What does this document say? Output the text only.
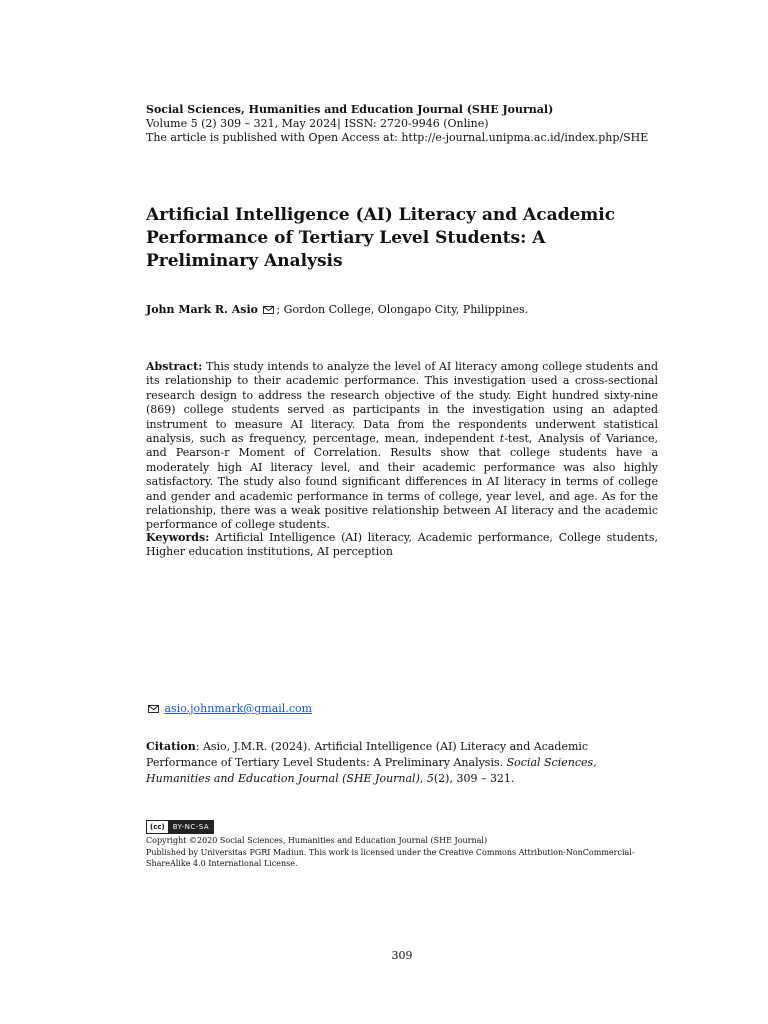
Social Sciences, Humanities and Education Journal (SHE Journal)
Volume 5 (2) 309 – 321, May 2024| ISSN: 2720-9946 (Online)
The article is published with Open Access at: http://e-journal.unipma.ac.id/index.php/SHE
Artificial Intelligence (AI) Literacy and Academic Performance of Tertiary Level Students: A Preliminary Analysis
John Mark R. Asio ; Gordon College, Olongapo City, Philippines.
Abstract: This study intends to analyze the level of AI literacy among college students and its relationship to their academic performance. This investigation used a cross-sectional research design to address the research objective of the study. Eight hundred sixty-nine (869) college students served as participants in the investigation using an adapted instrument to measure AI literacy. Data from the respondents underwent statistical analysis, such as frequency, percentage, mean, independent t-test, Analysis of Variance, and Pearson-r Moment of Correlation. Results show that college students have a moderately high AI literacy level, and their academic performance was also highly satisfactory. The study also found significant differences in AI literacy in terms of college and gender and academic performance in terms of college, year level, and age. As for the relationship, there was a weak positive relationship between AI literacy and the academic performance of college students.
Keywords: Artificial Intelligence (AI) literacy, Academic performance, College students, Higher education institutions, AI perception
asio.johnmark@gmail.com
Citation: Asio, J.M.R. (2024). Artificial Intelligence (AI) Literacy and Academic Performance of Tertiary Level Students: A Preliminary Analysis. Social Sciences, Humanities and Education Journal (SHE Journal), 5(2), 309 – 321.
(cc)	BY-NC-SA
Copyright ©2020 Social Sciences, Humanities and Education Journal (SHE Journal)
Published by Universitas PGRI Madiun. This work is licensed under the Creative Commons Attribution-NonCommercial-ShareAlike 4.0 International License.
309
